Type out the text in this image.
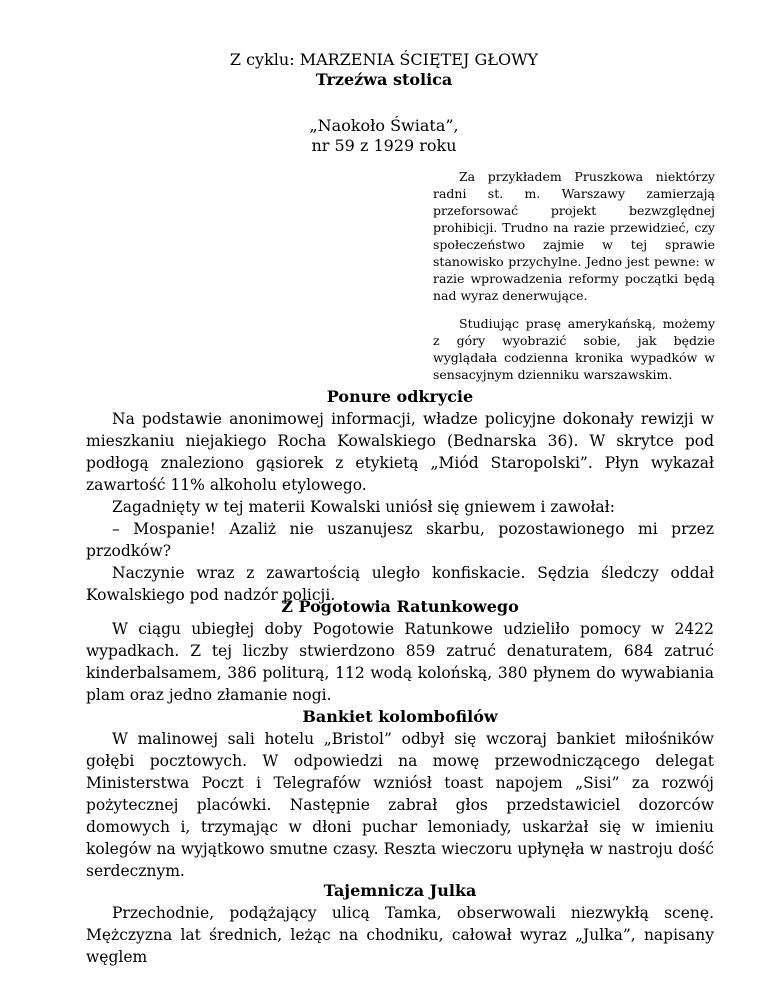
Z cyklu: MARZENIA ŚCIĘTEJ GŁOWY
Trzeźwa stolica
„Naokoło Świata”,
nr 59 z 1929 roku

Za przykładem Pruszkowa niektórzy radni st. m. Warszawy zamierzają przeforsować projekt bezwzględnej prohibicji. Trudno na razie przewidzieć, czy społeczeństwo zajmie w tej sprawie stanowisko przychylne. Jedno jest pewne: w razie wprowadzenia reformy początki będą nad wyraz denerwujące.

Studiując prasę amerykańską, możemy z góry wyobrazić sobie, jak będzie wyglądała codzienna kronika wypadków w sensacyjnym dzienniku warszawskim.

Ponure odkrycie

Na podstawie anonimowej informacji, władze policyjne dokonały rewizji w mieszkaniu niejakiego Rocha Kowalskiego (Bednarska 36). W skrytce pod podłogą znaleziono gąsiorek z etykietą „Miód Staropolski”. Płyn wykazał zawartość 11% alkoholu etylowego.

Zagadnięty w tej materii Kowalski uniósł się gniewem i zawołał:

– Mospanie! Azaliż nie uszanujesz skarbu, pozostawionego mi przez przodków?

Naczynie wraz z zawartością uległo konfiskacie. Sędzia śledczy oddał Kowalskiego pod nadzór policji.

Z Pogotowia Ratunkowego

W ciągu ubiegłej doby Pogotowie Ratunkowe udzieliło pomocy w 2422 wypadkach. Z tej liczby stwierdzono 859 zatruć denaturatem, 684 zatruć kinderbalsamem, 386 politurą, 112 wodą kolońską, 380 płynem do wywabiania plam oraz jedno złamanie nogi.

Bankiet kolombofilów

W malinowej sali hotelu „Bristol” odbył się wczoraj bankiet miłośników gołębi pocztowych. W odpowiedzi na mowę przewodniczącego delegat Ministerstwa Poczt i Telegrafów wzniósł toast napojem „Sisi” za rozwój pożytecznej placówki. Następnie zabrał głos przedstawiciel dozorców domowych i, trzymając w dłoni puchar lemoniady, uskarżał się w imieniu kolegów na wyjątkowo smutne czasy. Reszta wieczoru upłynęła w nastroju dość serdecznym.

Tajemnicza Julka

Przechodnie, podążający ulicą Tamka, obserwowali niezwykłą scenę. Mężczyzna lat średnich, leżąc na chodniku, całował wyraz „Julka”, napisany węglem
